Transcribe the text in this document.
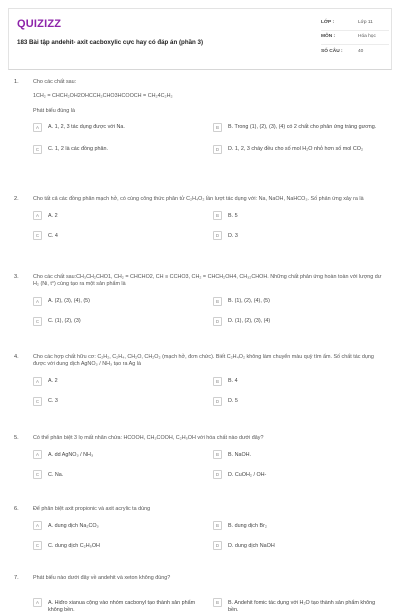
QUIZIZZ
183 Bài tập andehit- axit cacboxylic cực hay có đáp án (phần 3)
LỚP :	Lớp 11
MÔN :	Hóa học
SỐ CÂU :	40
1.	Cho các chất sau:
1CH₂ = CHCH₂OH2OHCCH₂CHO3HCOOCH = CH₂4C₂H₂
Phát biểu đúng là
A	A. 1, 2, 3 tác dụng được với Na.	B	B. Trong (1), (2), (3), (4) có 2 chất cho phản ứng tráng gương.
C	C. 1, 2 là các đồng phân.	D	D. 1, 2, 3 cháy đều cho số mol H₂O nhỏ hơn số mol CO₂
2.	Cho tất cả các đồng phân mạch hở, có cùng công thức phân tử C₂H₄O₂ lần lượt tác dụng với: Na, NaOH, NaHCO₃. Số phản ứng xảy ra là
A	A. 2	B	B. 5
C	C. 4	D	D. 3
3.	Cho các chất sau:CH₃CH₂CHO1, CH₂ = CHCHO2, CH ≡ CCHO3, CH₂ = CHCH₂OH4, CH₃₂CHOH. Những chất phản ứng hoàn toàn với lượng dư H₂ (Ni, t°) cùng tạo ra một sản phẩm là
A	A. (2), (3), (4), (5)	B	B. (1), (2), (4), (5)
C	C. (1), (2), (3)	D	D. (1), (2), (3), (4)
4.	Cho các hợp chất hữu cơ: C₂H₂, C₂H₄, CH₂O, CH₂O₂ (mạch hở, đơn chức). Biết C₂H₄O₂ không làm chuyển màu quỳ tím ẩm. Số chất tác dụng được với dung dịch AgNO₃ / NH₃ tạo ra Ag là
A	A. 2	B	B. 4
C	C. 3	D	D. 5
5.	Có thể phân biệt 3 lọ mất nhãn chứa: HCOOH, CH₃COOH, C₂H₅OH với hóa chất nào dưới đây?
A	A. dd AgNO₃ / NH₃	B	B. NaOH.
C	C. Na.	D	D. CuOH₂ / OH-
6.	Để phân biệt axit propionic và axit acrylic ta dùng
A	A. dung dịch Na₂CO₃	B	B. dung dịch Br₂
C	C. dung dịch C₂H₅OH	D	D. dung dịch NaOH
7.	Phát biểu nào dưới đây về andehit và xeton không đúng?
A	A. Hiđro xianua cộng vào nhóm cacbonyl tạo thành sản phẩm không bền.
B	B. Andehit fomic tác dụng với H₂O tạo thành sản phẩm không bền.
